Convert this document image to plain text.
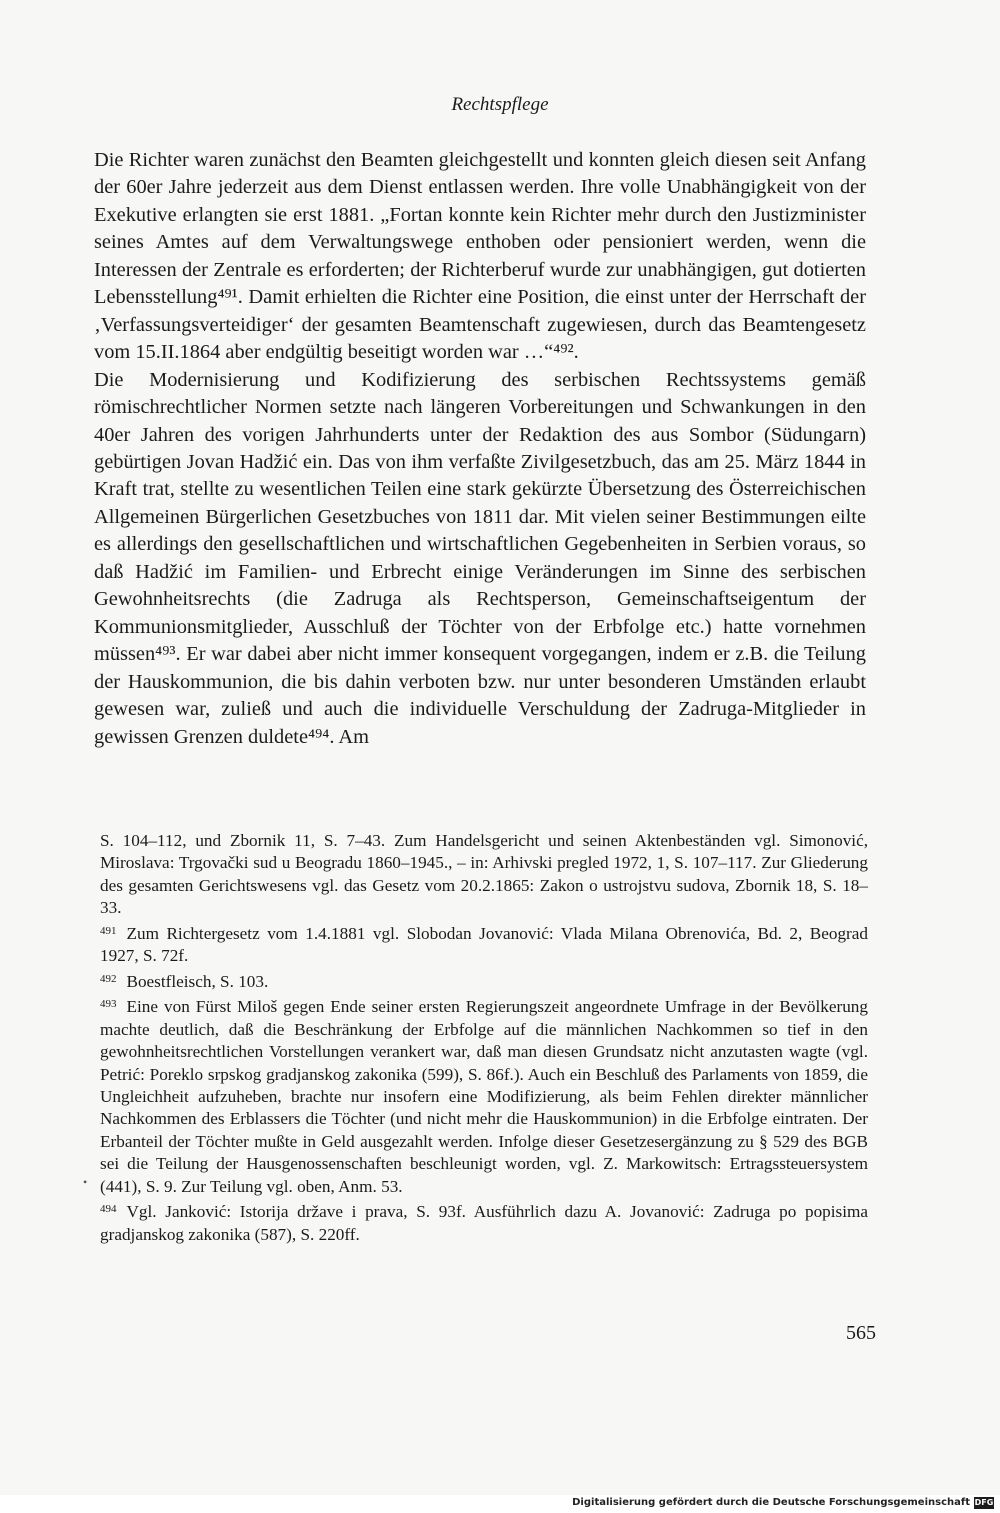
Rechtspflege

Die Richter waren zunächst den Beamten gleichgestellt und konnten gleich diesen seit Anfang der 60er Jahre jederzeit aus dem Dienst entlassen werden. Ihre volle Unabhängigkeit von der Exekutive erlangten sie erst 1881. „Fortan konnte kein Richter mehr durch den Justizminister seines Amtes auf dem Verwaltungswege enthoben oder pensioniert werden, wenn die Interessen der Zentrale es erforderten; der Richterberuf wurde zur unabhängigen, gut dotierten Lebensstellung⁴⁹¹. Damit erhielten die Richter eine Position, die einst unter der Herrschaft der ‚Verfassungsverteidiger‘ der gesamten Beamtenschaft zugewiesen, durch das Beamtengesetz vom 15.II.1864 aber endgültig beseitigt worden war …“⁴⁹².

Die Modernisierung und Kodifizierung des serbischen Rechtssystems gemäß römischrechtlicher Normen setzte nach längeren Vorbereitungen und Schwankungen in den 40er Jahren des vorigen Jahrhunderts unter der Redaktion des aus Sombor (Südungarn) gebürtigen Jovan Hadžić ein. Das von ihm verfaßte Zivilgesetzbuch, das am 25. März 1844 in Kraft trat, stellte zu wesentlichen Teilen eine stark gekürzte Übersetzung des Österreichischen Allgemeinen Bürgerlichen Gesetzbuches von 1811 dar. Mit vielen seiner Bestimmungen eilte es allerdings den gesellschaftlichen und wirtschaftlichen Gegebenheiten in Serbien voraus, so daß Hadžić im Familien- und Erbrecht einige Veränderungen im Sinne des serbischen Gewohnheitsrechts (die Zadruga als Rechtsperson, Gemeinschaftseigentum der Kommunionsmitglieder, Ausschluß der Töchter von der Erbfolge etc.) hatte vornehmen müssen⁴⁹³. Er war dabei aber nicht immer konsequent vorgegangen, indem er z.B. die Teilung der Hauskommunion, die bis dahin verboten bzw. nur unter besonderen Umständen erlaubt gewesen war, zuließ und auch die individuelle Verschuldung der Zadruga-Mitglieder in gewissen Grenzen duldete⁴⁹⁴. Am

S. 104–112, und Zbornik 11, S. 7–43. Zum Handelsgericht und seinen Aktenbeständen vgl. Simonović, Miroslava: Trgovački sud u Beogradu 1860–1945., – in: Arhivski pregled 1972, 1, S. 107–117. Zur Gliederung des gesamten Gerichtswesens vgl. das Gesetz vom 20.2.1865: Zakon o ustrojstvu sudova, Zbornik 18, S. 18–33.

$^{491}$ Zum Richtergesetz vom 1.4.1881 vgl. Slobodan Jovanović: Vlada Milana Obrenovića, Bd. 2, Beograd 1927, S. 72f.

$^{492}$ Boestfleisch, S. 103.

$^{493}$ Eine von Fürst Miloš gegen Ende seiner ersten Regierungszeit angeordnete Umfrage in der Bevölkerung machte deutlich, daß die Beschränkung der Erbfolge auf die männlichen Nachkommen so tief in den gewohnheitsrechtlichen Vorstellungen verankert war, daß man diesen Grundsatz nicht anzutasten wagte (vgl. Petrić: Poreklo srpskog gradjanskog zakonika (599), S. 86f.). Auch ein Beschluß des Parlaments von 1859, die Ungleichheit aufzuheben, brachte nur insofern eine Modifizierung, als beim Fehlen direkter männlicher Nachkommen des Erblassers die Töchter (und nicht mehr die Hauskommunion) in die Erbfolge eintraten. Der Erbanteil der Töchter mußte in Geld ausgezahlt werden. Infolge dieser Gesetzesergänzung zu § 529 des BGB sei die Teilung der Hausgenossenschaften beschleunigt worden, vgl. Z. Markowitsch: Ertragssteuersystem (441), S. 9. Zur Teilung vgl. oben, Anm. 53.

$^{494}$ Vgl. Janković: Istorija države i prava, S. 93f. Ausführlich dazu A. Jovanović: Zadruga po popisima gradjanskog zakonika (587), S. 220ff.

•
565
Digitalisierung gefördert durch die Deutsche Forschungsgemeinschaft DFG
